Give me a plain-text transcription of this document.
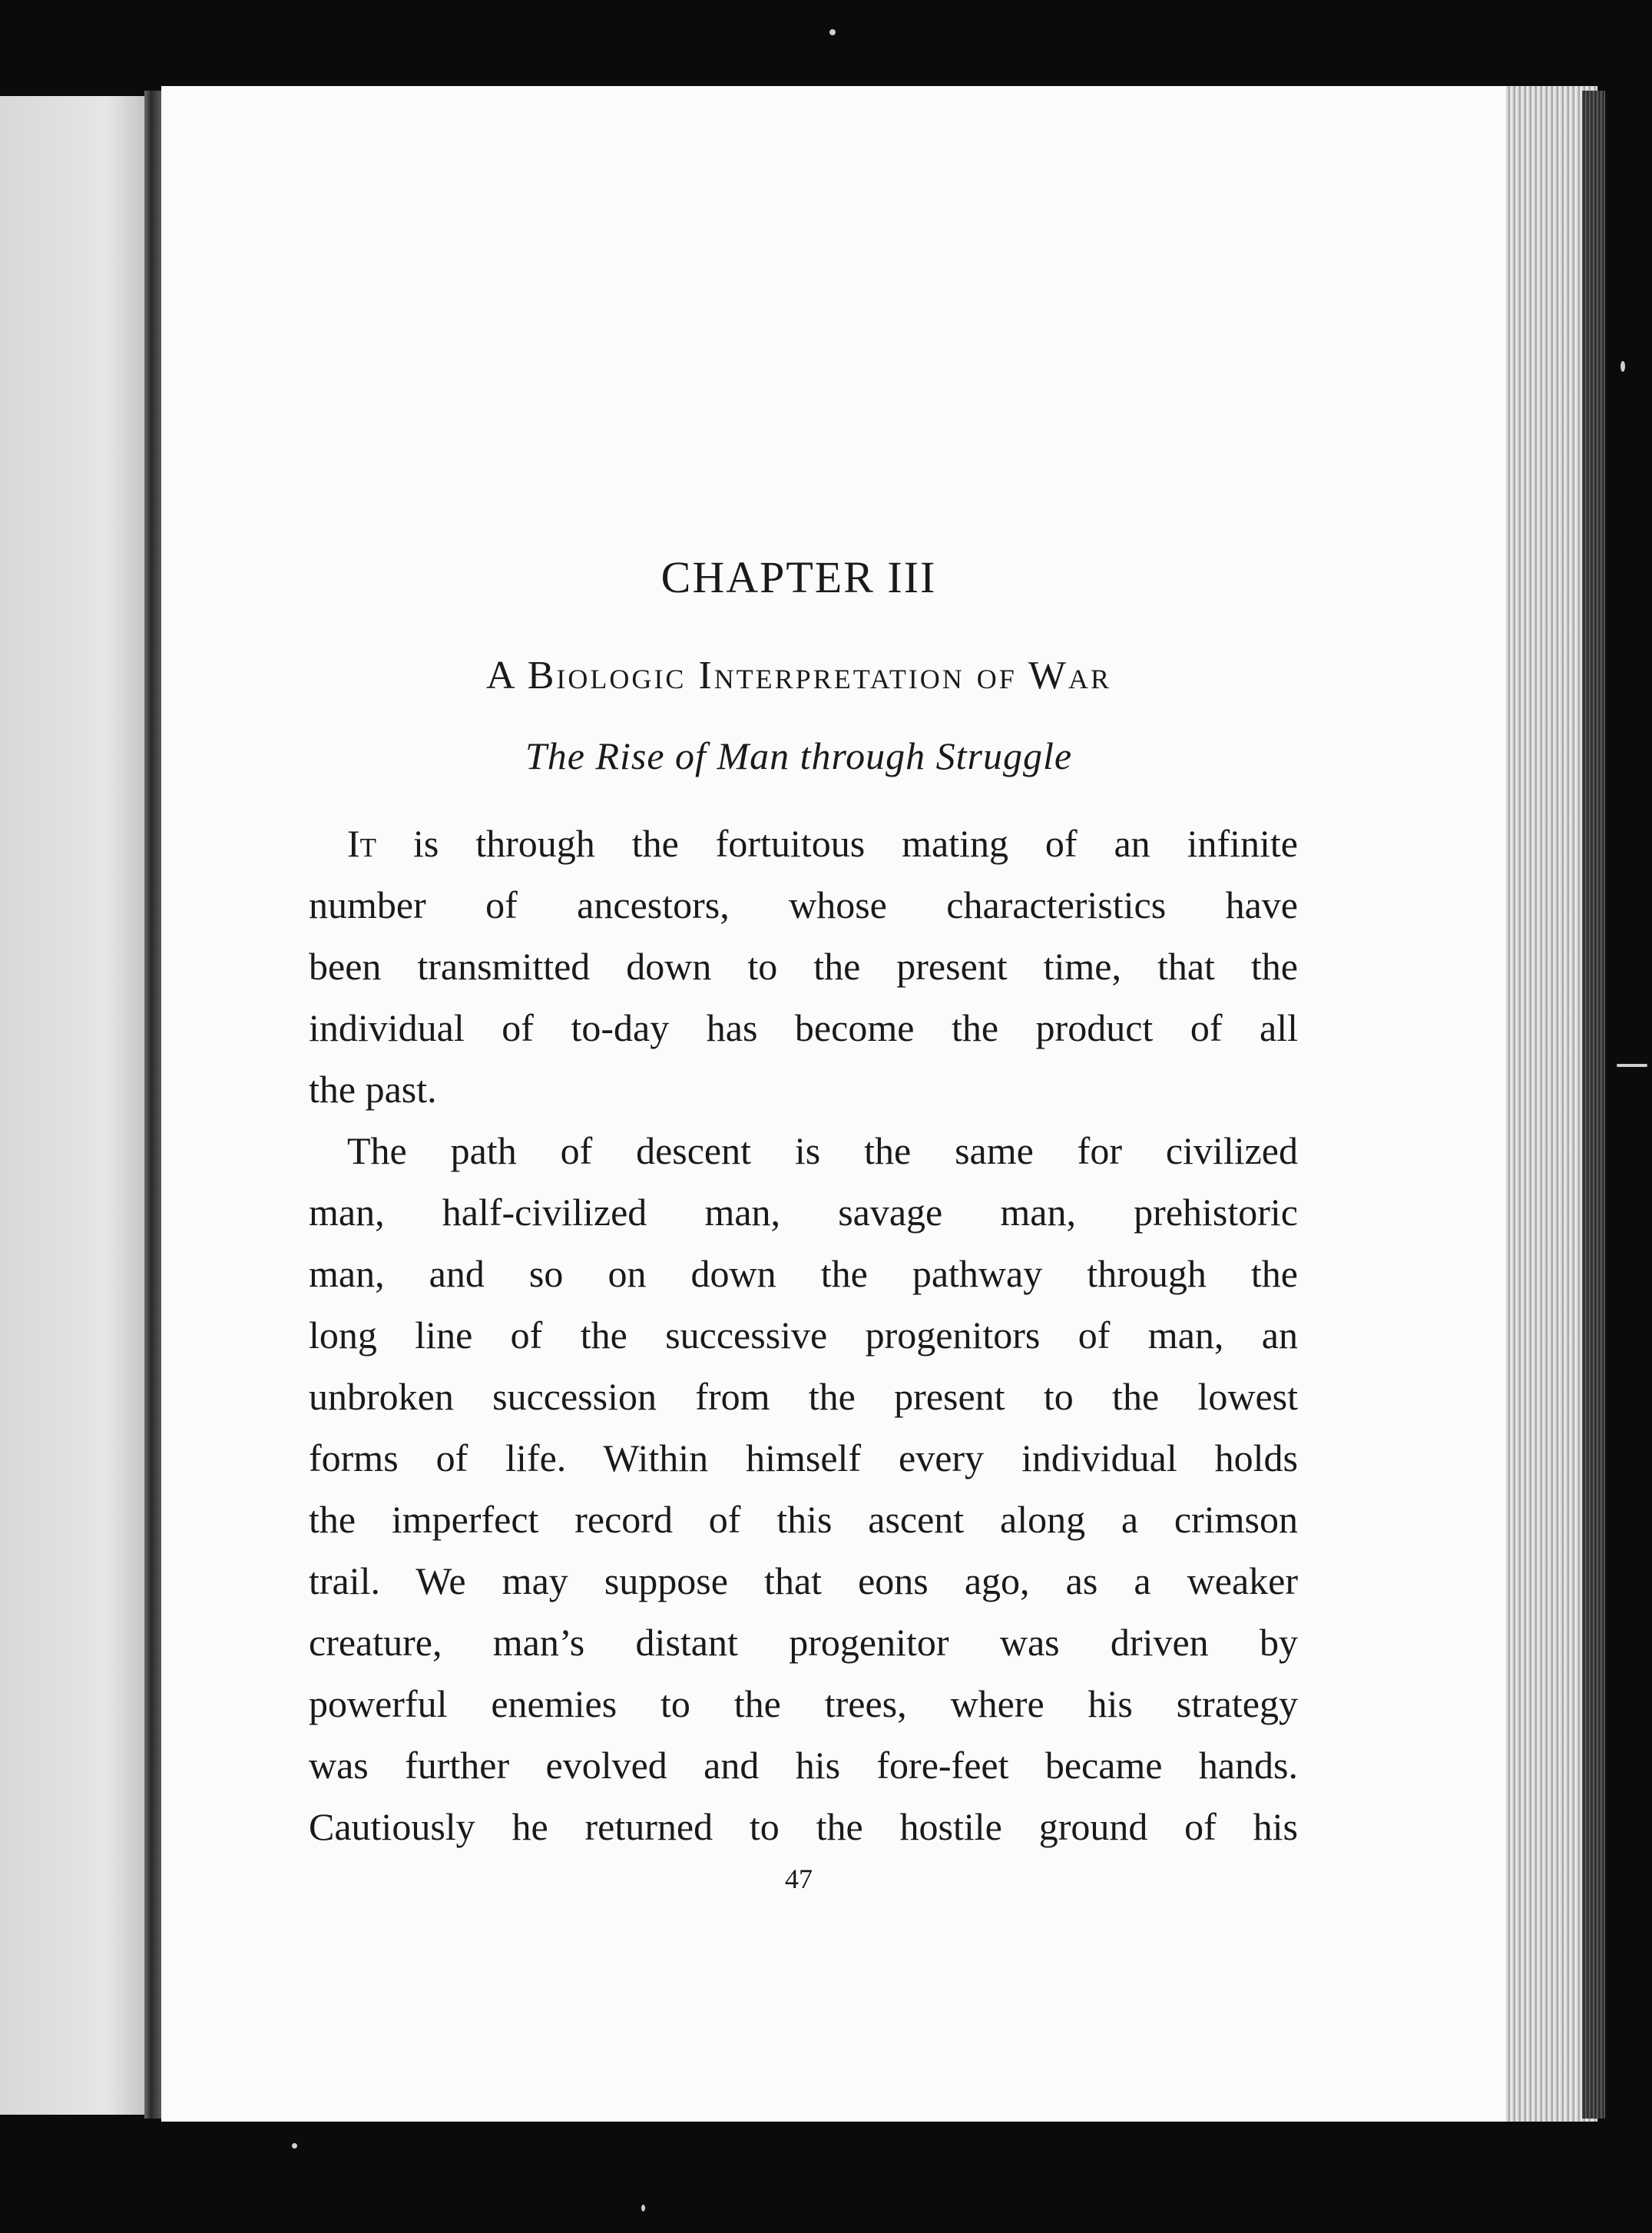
CHAPTER III
A Biologic Interpretation of War

The Rise of Man through Struggle

It is through the fortuitous mating of an infinite
number of ancestors, whose characteristics have
been transmitted down to the present time, that the
individual of to-day has become the product of all
the past.
The path of descent is the same for civilized
man, half-civilized man, savage man, prehistoric
man, and so on down the pathway through the
long line of the successive progenitors of man, an
unbroken succession from the present to the lowest
forms of life. Within himself every individual holds
the imperfect record of this ascent along a crimson
trail. We may suppose that eons ago, as a weaker
creature, man’s distant progenitor was driven by
powerful enemies to the trees, where his strategy
was further evolved and his fore-feet became hands.
Cautiously he returned to the hostile ground of his
47
